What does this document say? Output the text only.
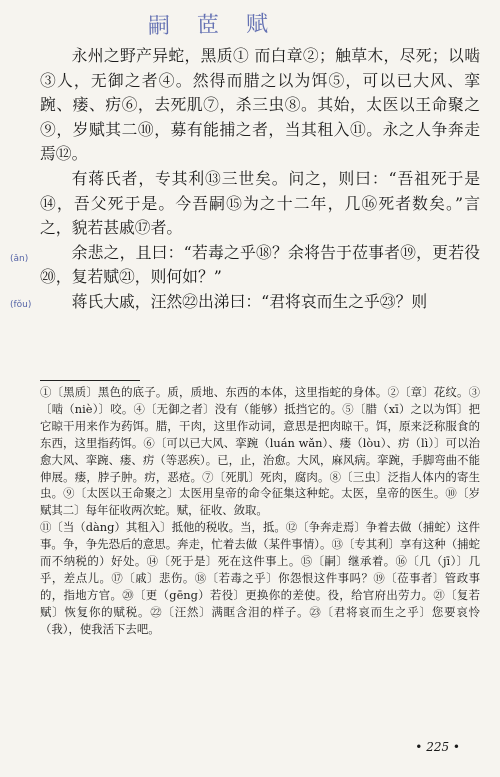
嗣 茝 赋
(ǎn)
(fǒu)

永州之野产异蛇，黑质① 而白章②；触草木，尽死；以啮③人，无御之者④。然得而腊之以为饵⑤，可以已大风、挛踠、瘘、疠⑥，去死肌⑦，杀三虫⑧。其始，太医以王命聚之⑨，岁赋其二⑩，募有能捕之者，当其租入⑪。永之人争奔走焉⑫。

有蒋氏者，专其利⑬三世矣。问之，则曰：“吾祖死于是⑭，吾父死于是。今吾嗣⑮为之十二年，几⑯死者数矣。”言之，貌若甚戚⑰者。

余悲之，且曰：“若毒之乎⑱？余将告于莅事者⑲，更若役⑳，复若赋㉑，则何如？”

蒋氏大戚，汪然㉒出涕曰：“君将哀而生之乎㉓？则

①〔黑质〕黑色的底子。质，质地、东西的本体，这里指蛇的身体。②〔章〕花纹。③〔啮（niè）〕咬。④〔无御之者〕没有（能够）抵挡它的。⑤〔腊（xī）之以为饵〕把它晾干用来作为药饵。腊，干肉，这里作动词，意思是把肉晾干。饵，原来泛称服食的东西，这里指药饵。⑥〔可以已大风、挛踠（luán wǎn）、瘘（lòu）、疠（lì）〕可以治愈大风、挛踠、瘘、疠（等恶疾）。已，止，治愈。大风，麻风病。挛踠，手脚弯曲不能伸展。瘘，脖子肿。疠，恶疮。⑦〔死肌〕死肉，腐肉。⑧〔三虫〕泛指人体内的寄生虫。⑨〔太医以王命聚之〕太医用皇帝的命令征集这种蛇。太医，皇帝的医生。⑩〔岁赋其二〕每年征收两次蛇。赋，征收、敛取。

⑪〔当（dàng）其租入〕抵他的税收。当，抵。⑫〔争奔走焉〕争着去做（捕蛇）这件事。争，争先恐后的意思。奔走，忙着去做（某件事情）。⑬〔专其利〕享有这种（捕蛇而不纳税的）好处。⑭〔死于是〕死在这件事上。⑮〔嗣〕继承着。⑯〔几（jī）〕几乎，差点儿。⑰〔戚〕悲伤。⑱〔若毒之乎〕你怨恨这件事吗？⑲〔莅事者〕管政事的，指地方官。⑳〔更（gēng）若役〕更换你的差使。役，给官府出劳力。㉑〔复若赋〕恢复你的赋税。㉒〔汪然〕满眶含泪的样子。㉓〔君将哀而生之乎〕您要哀怜（我），使我活下去吧。

• 225 •
